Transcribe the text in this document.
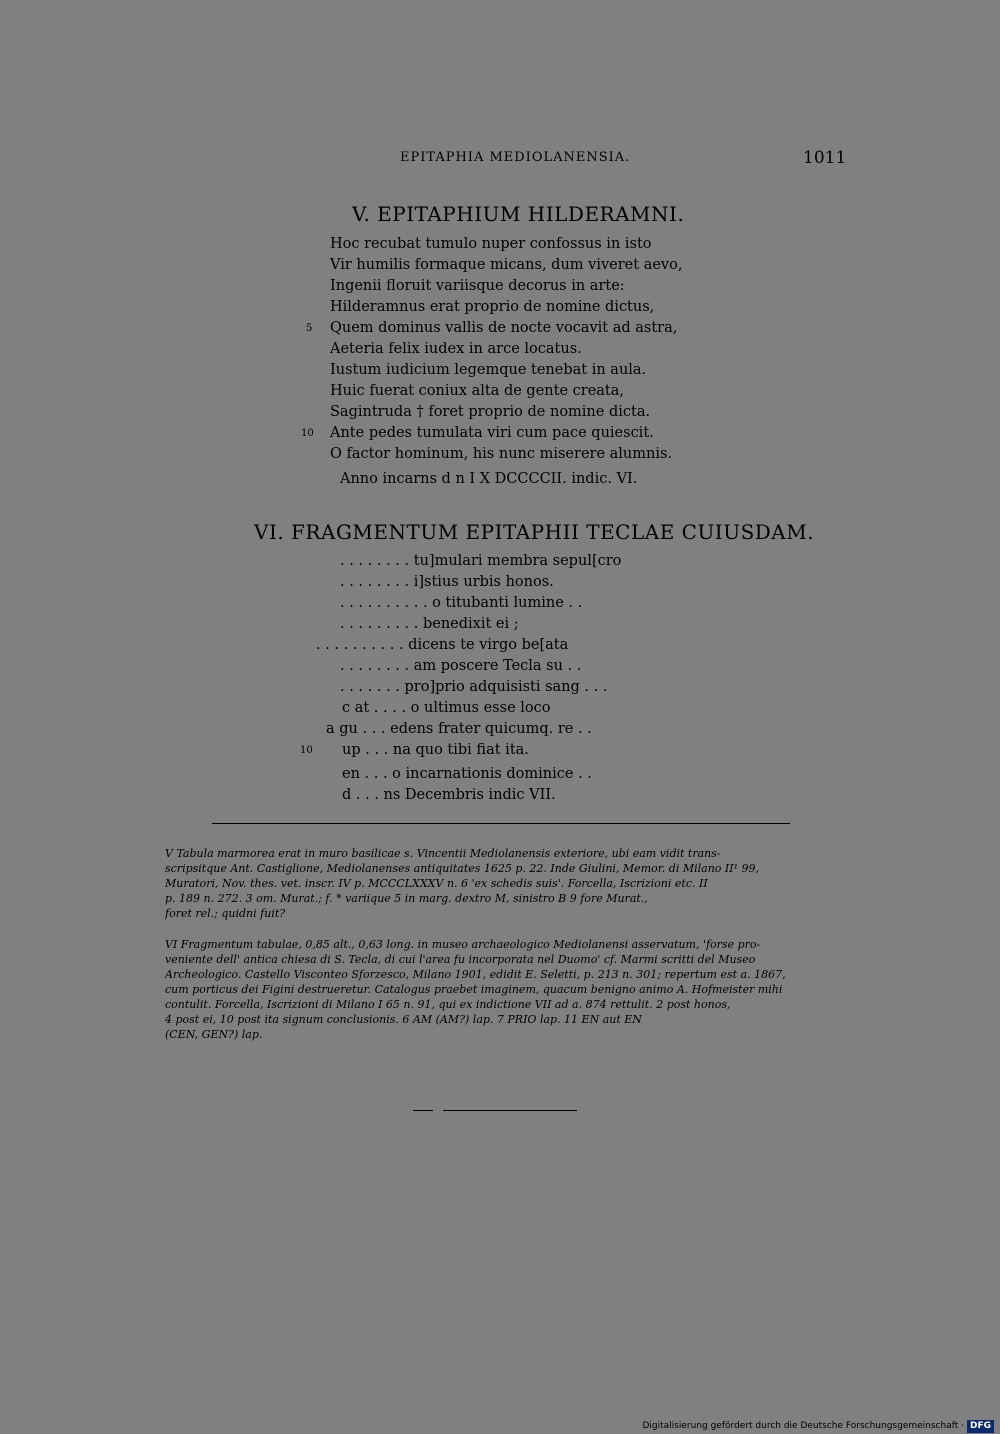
EPITAPHIA MEDIOLANENSIA.	1011
V. EPITAPHIUM HILDERAMNI.
Hoc recubat tumulo nuper confossus in isto
Vir humilis formaque micans, dum viveret aevo,
Ingenii floruit variisque decorus in arte:
Hilderamnus erat proprio de nomine dictus,
5 Quem dominus vallis de nocte vocavit ad astra,
Aeteria felix iudex in arce locatus.
Iustum iudicium legemque tenebat in aula.
Huic fuerat coniux alta de gente creata,
Sagintruda † foret proprio de nomine dicta.
10 Ante pedes tumulata viri cum pace quiescit.
O factor hominum, his nunc miserere alumnis.
Anno incarns d n I X DCCCCII. indic. VI.
VI. FRAGMENTUM EPITAPHII TECLAE CUIUSDAM.
. . . . . . . . tu]mulari membra sepul[cro
. . . . . . . . i]stius urbis honos.
. . . . . . . . . . o titubanti lumine . .
. . . . . . . . . benedixit ei ;
. . . . . . . . . . dicens te virgo be[ata
. . . . . . . . am poscere Tecla su . .
. . . . . . . pro]prio adquisisti sang . . .
c at . . . . o ultimus esse loco
a gu . . . edens frater quicumq. re . .
10 up . . . na quo tibi fiat ita.
en . . . o incarnationis dominice . .
d . . . ns Decembris indic VII.
V Tabula marmorea erat in muro basilicae s. Vincentii Mediolanensis exteriore, ubi eam vidit trans-
scripsitque Ant. Castiglione, Mediolanenses antiquitates 1625 p. 22. Inde Giulini, Memor. di Milano II¹ 99,
Muratori, Nov. thes. vet. inscr. IV p. MCCCLXXXV n. 6 'ex schedis suis'. Forcella, Iscrizioni etc. II
p. 189 n. 272. 3 om. Murat.; f. * variique 5 in marg. dextro M, sinistro B 9 fore Murat.,
foret rel.; quidni fuit?
VI Fragmentum tabulae, 0,85 alt., 0,63 long. in museo archaeologico Mediolanensi asservatum, 'forse pro-
veniente dell' antica chiesa di S. Tecla, di cui l'area fu incorporata nel Duomo' cf. Marmi scritti del Museo
Archeologico. Castello Visconteo Sforzesco, Milano 1901, edidit E. Seletti, p. 213 n. 301; repertum est a. 1867,
cum porticus dei Figini destrueretur. Catalogus praebet imaginem, quacum benigno animo A. Hofmeister mihi
contulit. Forcella, Iscrizioni di Milano I 65 n. 91, qui ex indictione VII ad a. 874 rettulit. 2 post honos,
4 post ei, 10 post ita signum conclusionis. 6 AM (AM?) lap. 7 PRIO lap. 11 EN aut EN
(CEN, GEN?) lap.
Digitalisierung gefördert durch die Deutsche Forschungsgemeinschaft · DFG
